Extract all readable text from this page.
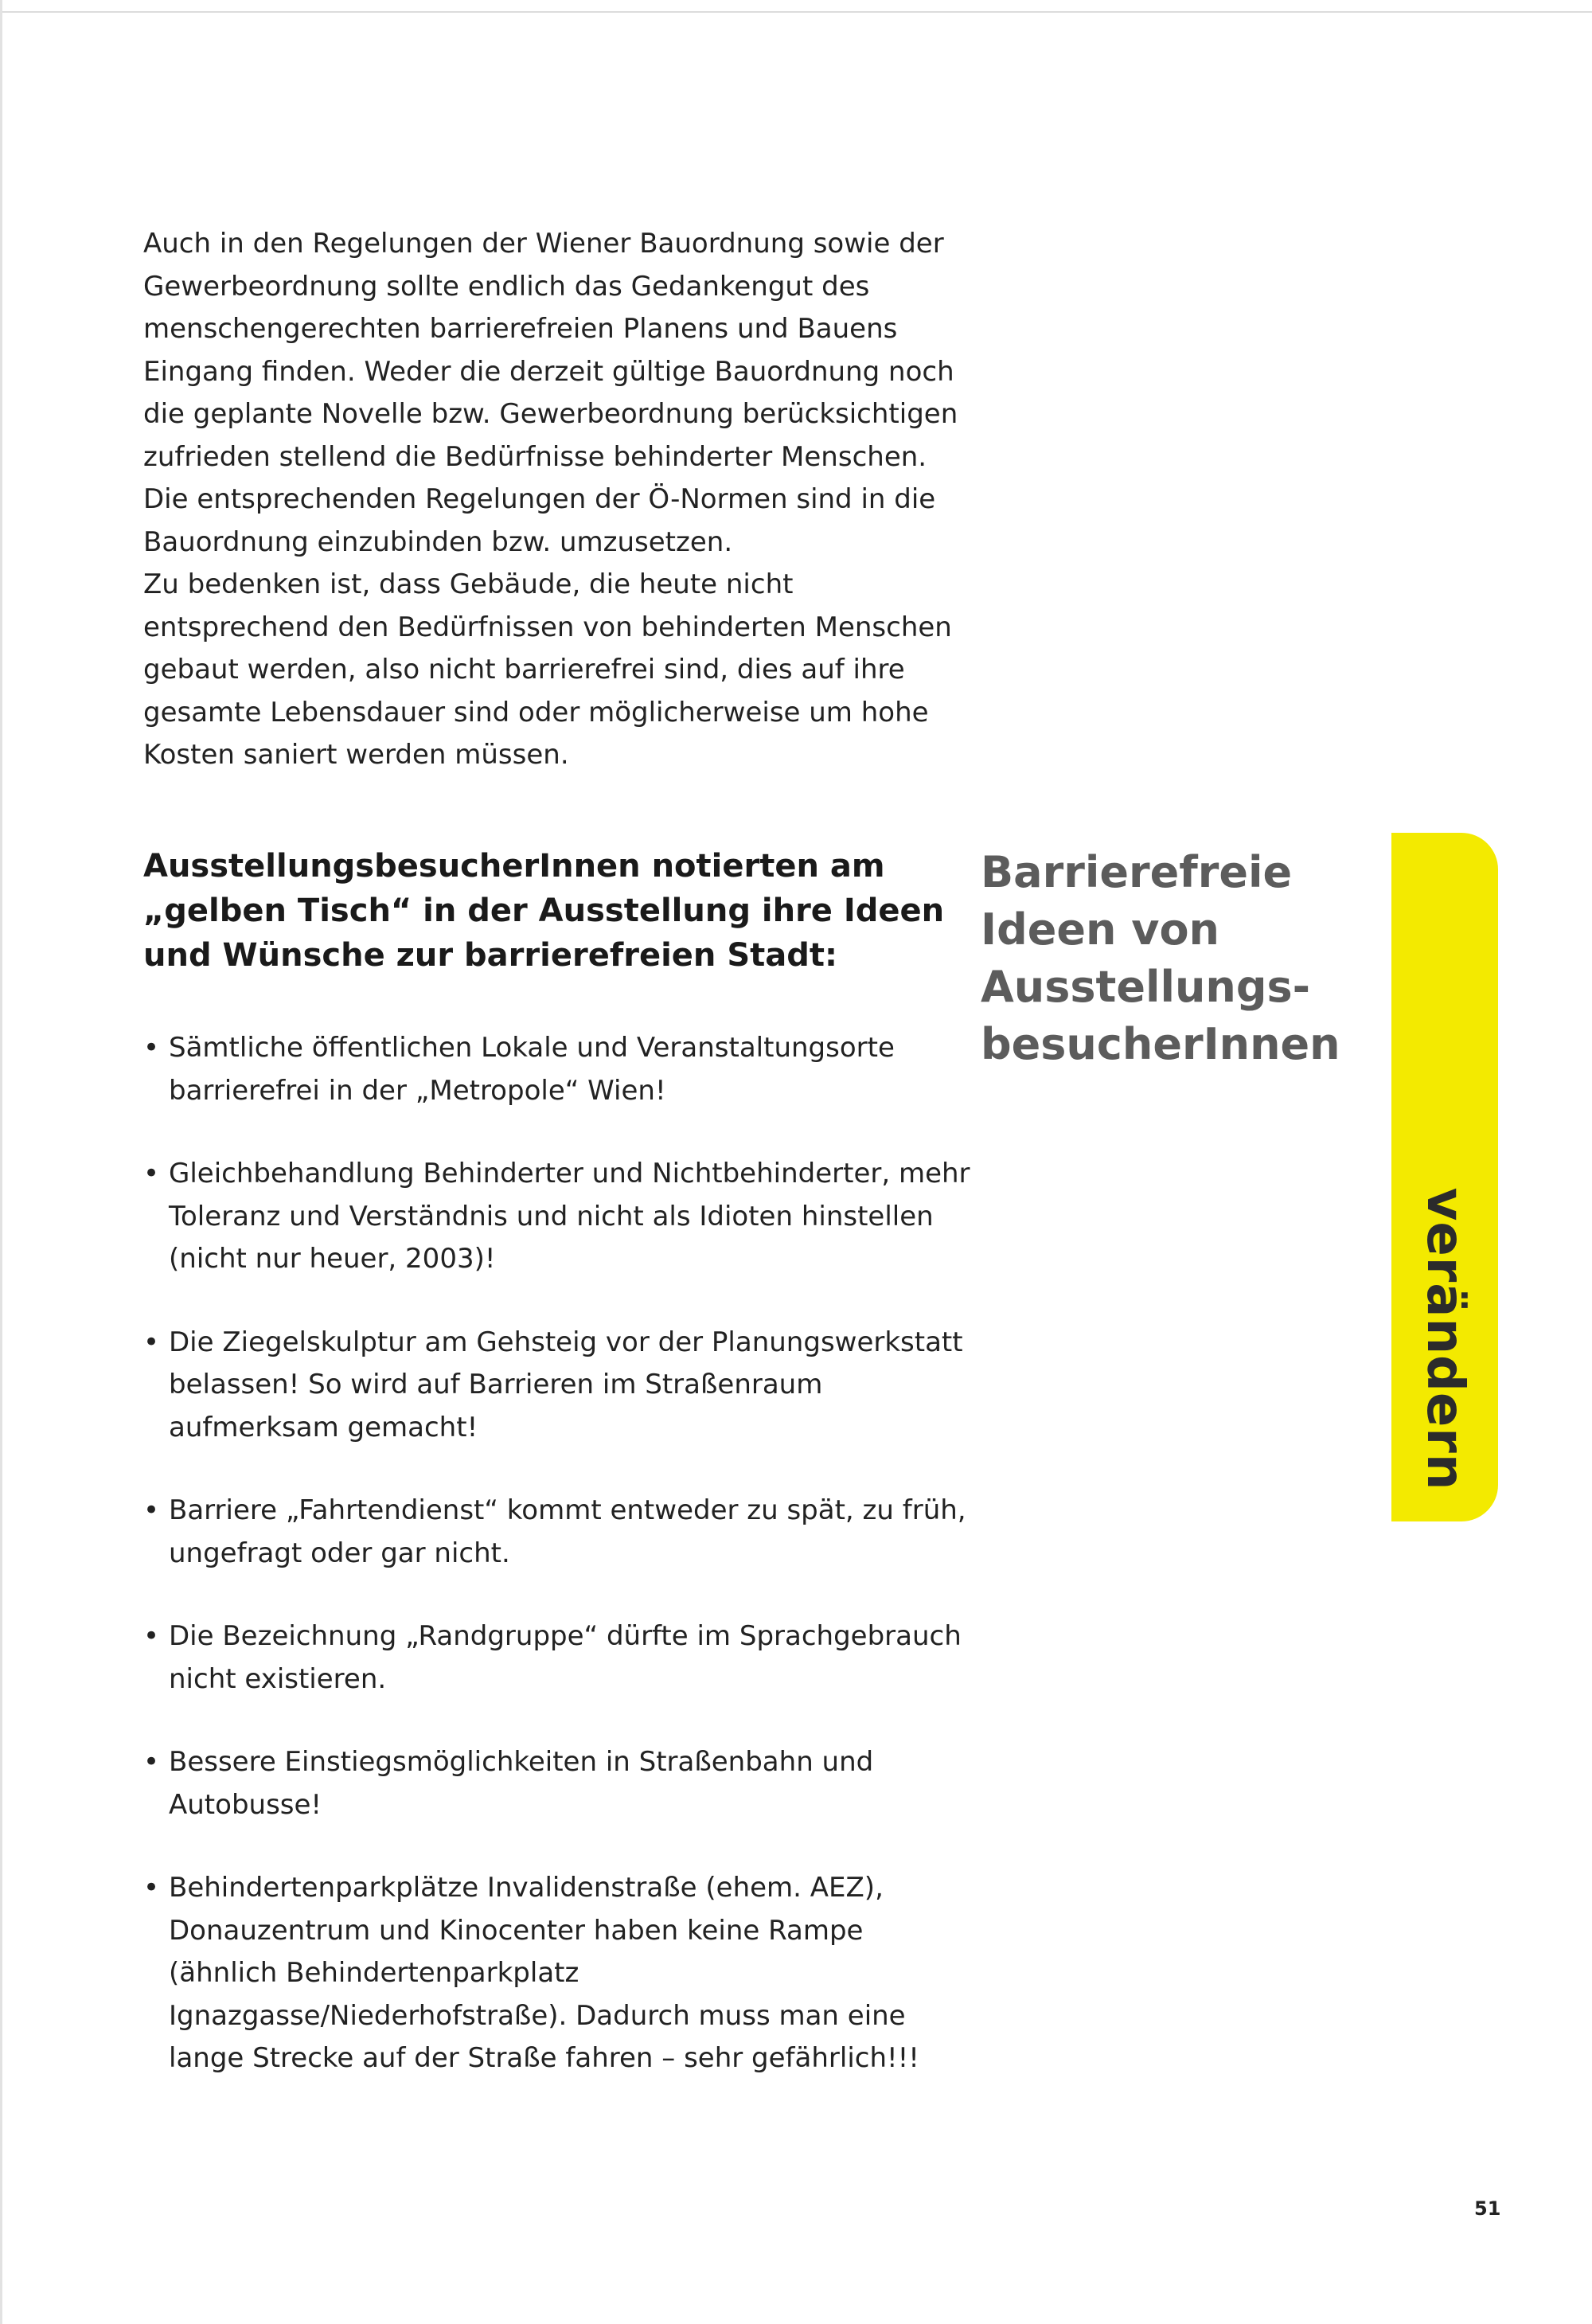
Auch in den Regelungen der Wiener Bauordnung sowie der Gewerbeordnung sollte endlich das Gedankengut des menschengerechten barrierefreien Planens und Bauens Eingang finden. Weder die derzeit gültige Bauordnung noch die geplante Novelle bzw. Gewerbeordnung berücksichtigen zufrieden stellend die Bedürfnisse behinderter Menschen. Die entsprechenden Regelungen der Ö-Normen sind in die Bauordnung einzubinden bzw. umzusetzen.

Zu bedenken ist, dass Gebäude, die heute nicht entsprechend den Bedürfnissen von behinderten Menschen gebaut werden, also nicht barrierefrei sind, dies auf ihre gesamte Lebensdauer sind oder möglicherweise um hohe Kosten saniert werden müssen.

AusstellungsbesucherInnen notierten am „gelben Tisch“ in der Ausstellung ihre Ideen und Wünsche zur barrierefreien Stadt:
Barrierefreie Ideen von Ausstellungs-besucherInnen
• Sämtliche öffentlichen Lokale und Veranstaltungsorte barrierefrei in der „Metropole“ Wien!
• Gleichbehandlung Behinderter und Nichtbehinderter, mehr Toleranz und Verständnis und nicht als Idioten hinstellen (nicht nur heuer, 2003)!
• Die Ziegelskulptur am Gehsteig vor der Planungswerkstatt belassen! So wird auf Barrieren im Straßenraum aufmerksam gemacht!
• Barriere „Fahrtendienst“ kommt entweder zu spät, zu früh, ungefragt oder gar nicht.
• Die Bezeichnung „Randgruppe“ dürfte im Sprachgebrauch nicht existieren.
• Bessere Einstiegsmöglichkeiten in Straßenbahn und Autobusse!
• Behindertenparkplätze Invalidenstraße (ehem. AEZ), Donauzentrum und Kinocenter haben keine Rampe (ähnlich Behindertenparkplatz Ignazgasse/Niederhofstraße). Dadurch muss man eine lange Strecke auf der Straße fahren – sehr gefährlich!!!
verändern
51
